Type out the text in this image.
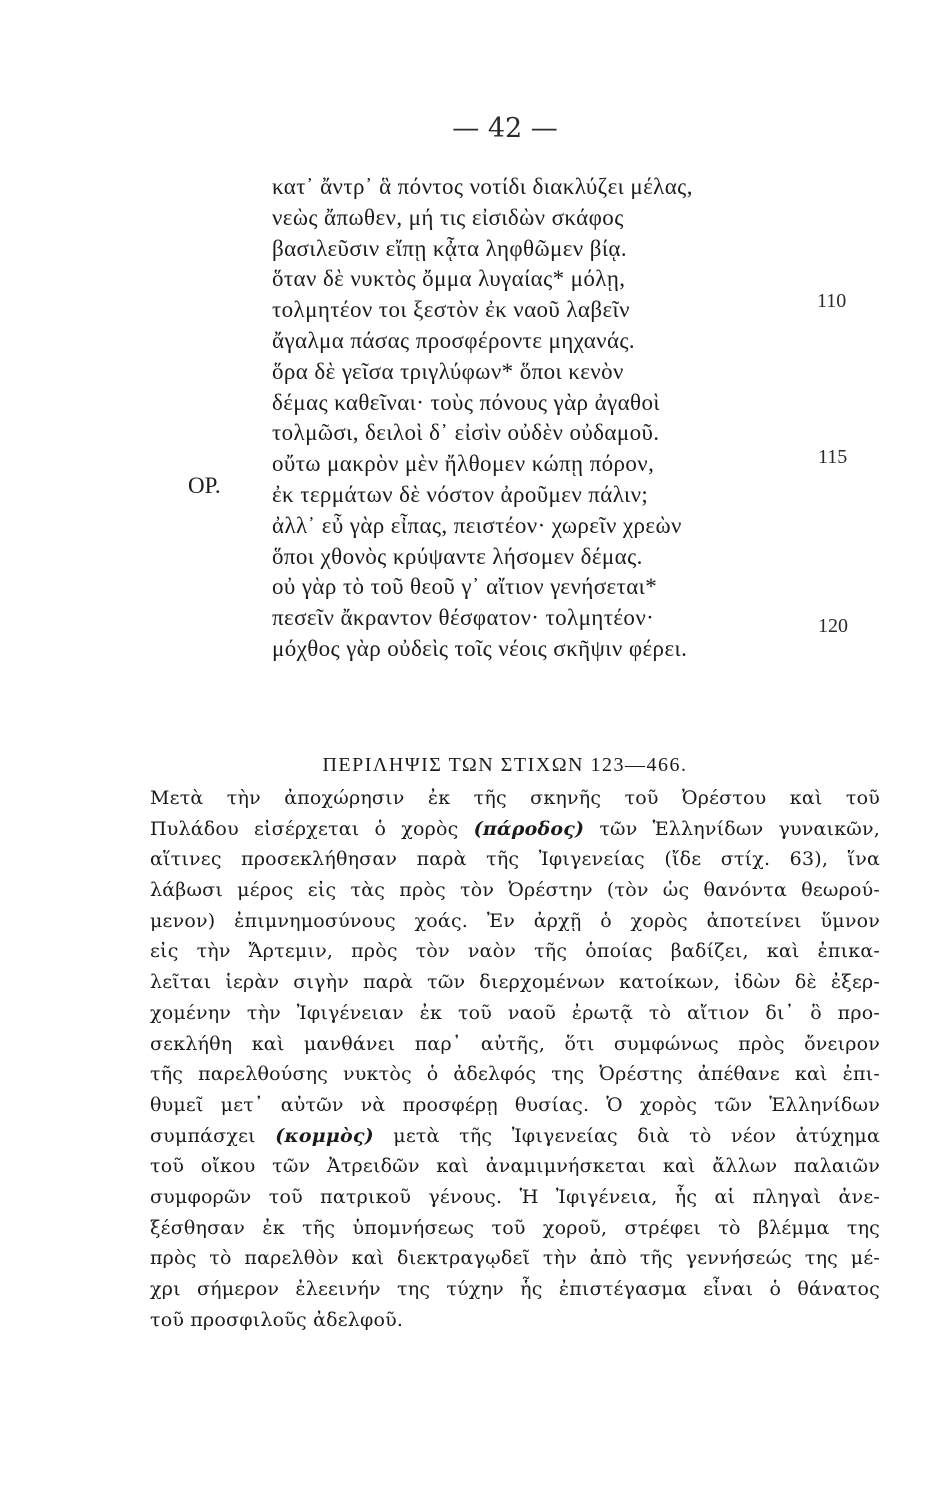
— 42 —
κατ᾽ ἄντρ᾽ ἃ πόντος νοτίδι διακλύζει μέλας,
νεὼς ἄπωθεν, μή τις εἰσιδὼν σκάφος
βασιλεῦσιν εἴπῃ κᾆτα ληφθῶμεν βίᾳ.
ὅταν δὲ νυκτὸς ὄμμα λυγαίας* μόλῃ,
τολμητέον τοι ξεστὸν ἐκ ναοῦ λαβεῖν
ἄγαλμα πάσας προσφέροντε μηχανάς.
ὅρα δὲ γεῖσα τριγλύφων* ὅποι κενὸν
δέμας καθεῖναι· τοὺς πόνους γὰρ ἀγαθοὶ
τολμῶσι, δειλοὶ δ᾽ εἰσὶν οὐδὲν οὐδαμοῦ.
οὔτω μακρὸν μὲν ἤλθομεν κώπῃ πόρον,
ἐκ τερμάτων δὲ νόστον ἀροῦμεν πάλιν;
ἀλλ᾽ εὖ γὰρ εἶπας, πειστέον· χωρεῖν χρεὼν
ὅποι χθονὸς κρύψαντε λήσομεν δέμας.
οὐ γὰρ τὸ τοῦ θεοῦ γ᾽ αἴτιον γενήσεται*
πεσεῖν ἄκραντον θέσφατον· τολμητέον·
μόχθος γὰρ οὐδεὶς τοῖς νέοις σκῆψιν φέρει.
ΟΡ.
110
115
120
ΠΕΡΙΛΗΨΙΣ ΤΩΝ ΣΤΙΧΩΝ 123—466.
Μετὰ τὴν ἀποχώρησιν ἐκ τῆς σκηνῆς τοῦ Ὀρέστου καὶ τοῦ
Πυλάδου εἰσέρχεται ὁ χορὸς (πάροδος) τῶν Ἑλληνίδων γυναικῶν,
αἵτινες προσεκλήθησαν παρὰ τῆς Ἰφιγενείας (ἴδε στίχ. 63), ἵνα
λάβωσι μέρος εἰς τὰς πρὸς τὸν Ὀρέστην (τὸν ὡς θανόντα θεωρού-
μενον) ἐπιμνημοσύνους χοάς. Ἐν ἀρχῇ ὁ χορὸς ἀποτείνει ὕμνον
εἰς τὴν Ἄρτεμιν, πρὸς τὸν ναὸν τῆς ὁποίας βαδίζει, καὶ ἐπικα-
λεῖται ἱερὰν σιγὴν παρὰ τῶν διερχομένων κατοίκων, ἰδὼν δὲ ἐξερ-
χομένην τὴν Ἰφιγένειαν ἐκ τοῦ ναοῦ ἐρωτᾷ τὸ αἴτιον δι᾽ ὃ προ-
σεκλήθη καὶ μανθάνει παρ᾽ αὐτῆς, ὅτι συμφώνως πρὸς ὄνειρον
τῆς παρελθούσης νυκτὸς ὁ ἀδελφός της Ὀρέστης ἀπέθανε καὶ ἐπι-
θυμεῖ μετ᾽ αὐτῶν νὰ προσφέρῃ θυσίας. Ὁ χορὸς τῶν Ἑλληνίδων
συμπάσχει (κομμὸς) μετὰ τῆς Ἰφιγενείας διὰ τὸ νέον ἀτύχημα
τοῦ οἴκου τῶν Ἀτρειδῶν καὶ ἀναμιμνήσκεται καὶ ἄλλων παλαιῶν
συμφορῶν τοῦ πατρικοῦ γένους. Ἡ Ἰφιγένεια, ἧς αἱ πληγαὶ ἀνε-
ξέσθησαν ἐκ τῆς ὑπομνήσεως τοῦ χοροῦ, στρέφει τὸ βλέμμα της
πρὸς τὸ παρελθὸν καὶ διεκτραγῳδεῖ τὴν ἀπὸ τῆς γεννήσεώς της μέ-
χρι σήμερον ἐλεεινήν της τύχην ἧς ἐπιστέγασμα εἶναι ὁ θάνατος
τοῦ προσφιλοῦς ἀδελφοῦ.
